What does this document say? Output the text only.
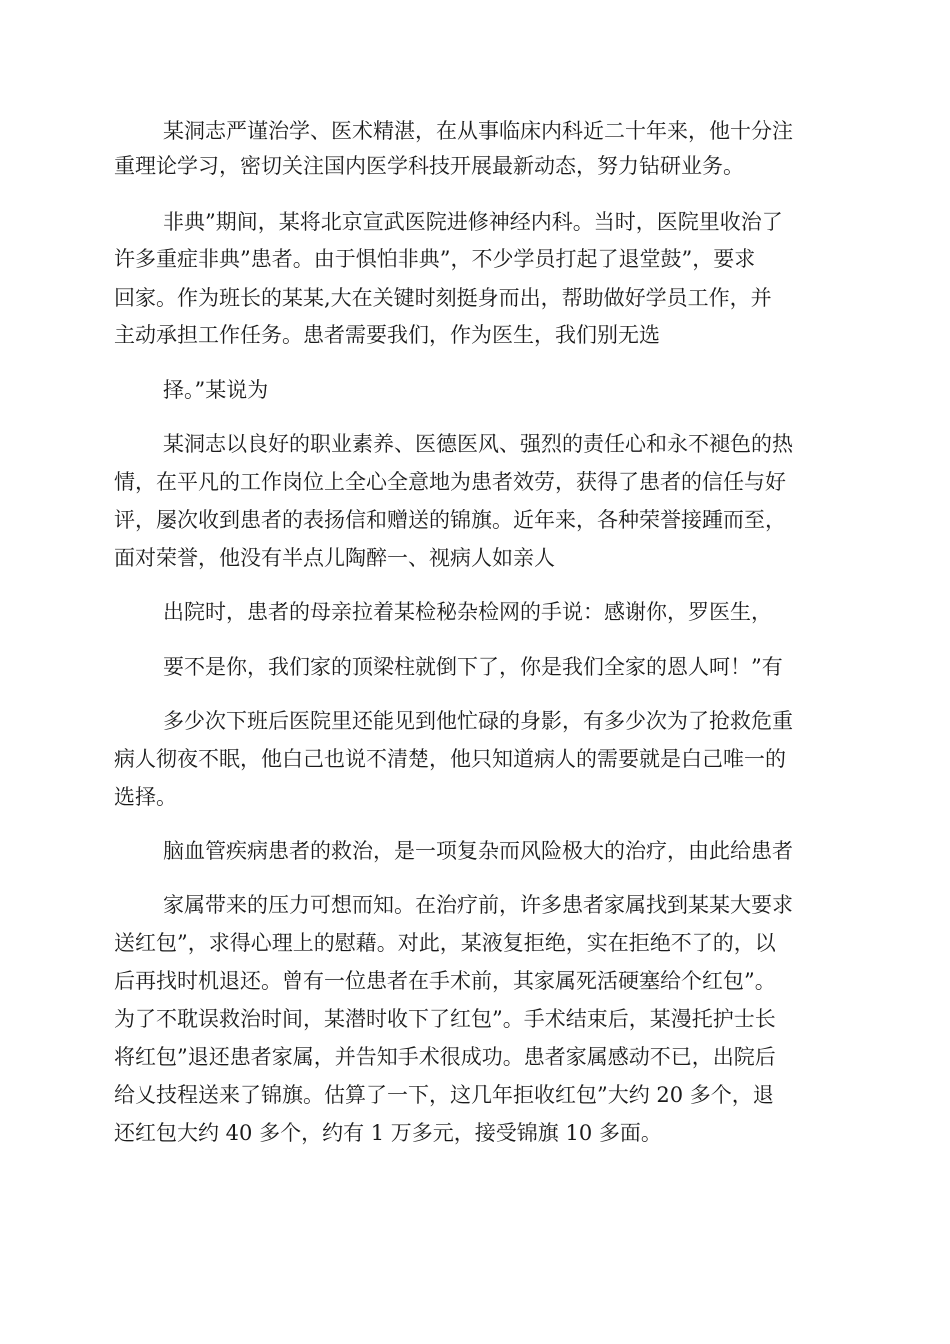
某洞志严谨治学、医术精湛，在从事临床内科近二十年来，他十分注
重理论学习，密切关注国内医学科技开展最新动态，努力钻研业务。
非典”期间，某将北京宣武医院进修神经内科。当时，医院里收治了
许多重症非典”患者。由于惧怕非典”，不少学员打起了退堂鼓”，要求
回家。作为班长的某某,大在关键时刻挺身而出，帮助做好学员工作，并
主动承担工作任务。患者需要我们，作为医生，我们别无选
择。”某说为
某洞志以良好的职业素养、医德医风、强烈的责任心和永不褪色的热
情，在平凡的工作岗位上全心全意地为患者效劳，获得了患者的信任与好
评，屡次收到患者的表扬信和赠送的锦旗。近年来，各种荣誉接踵而至，
面对荣誉，他没有半点儿陶醉一、视病人如亲人
出院时，患者的母亲拉着某检秘杂检网的手说：感谢你，罗医生，
要不是你，我们家的顶梁柱就倒下了，你是我们全家的恩人呵！”有
多少次下班后医院里还能见到他忙碌的身影，有多少次为了抢救危重
病人彻夜不眠，他白己也说不清楚，他只知道病人的需要就是白己唯一的
选择。
脑血管疾病患者的救治，是一项复杂而风险极大的治疗，由此给患者
家属带来的压力可想而知。在治疗前，许多患者家属找到某某大要求
送红包”，求得心理上的慰藉。对此，某液复拒绝，实在拒绝不了的，以
后再找时机退还。曾有一位患者在手术前，其家属死活硬塞给个红包”。
为了不耽误救治时间，某潜时收下了红包”。手术结束后，某漫托护士长
将红包”退还患者家属，并告知手术很成功。患者家属感动不已，出院后
给乂技程送来了锦旗。估算了一下，这几年拒收红包”大约 20 多个，退
还红包大约 40 多个，约有 1 万多元，接受锦旗 10 多面。
